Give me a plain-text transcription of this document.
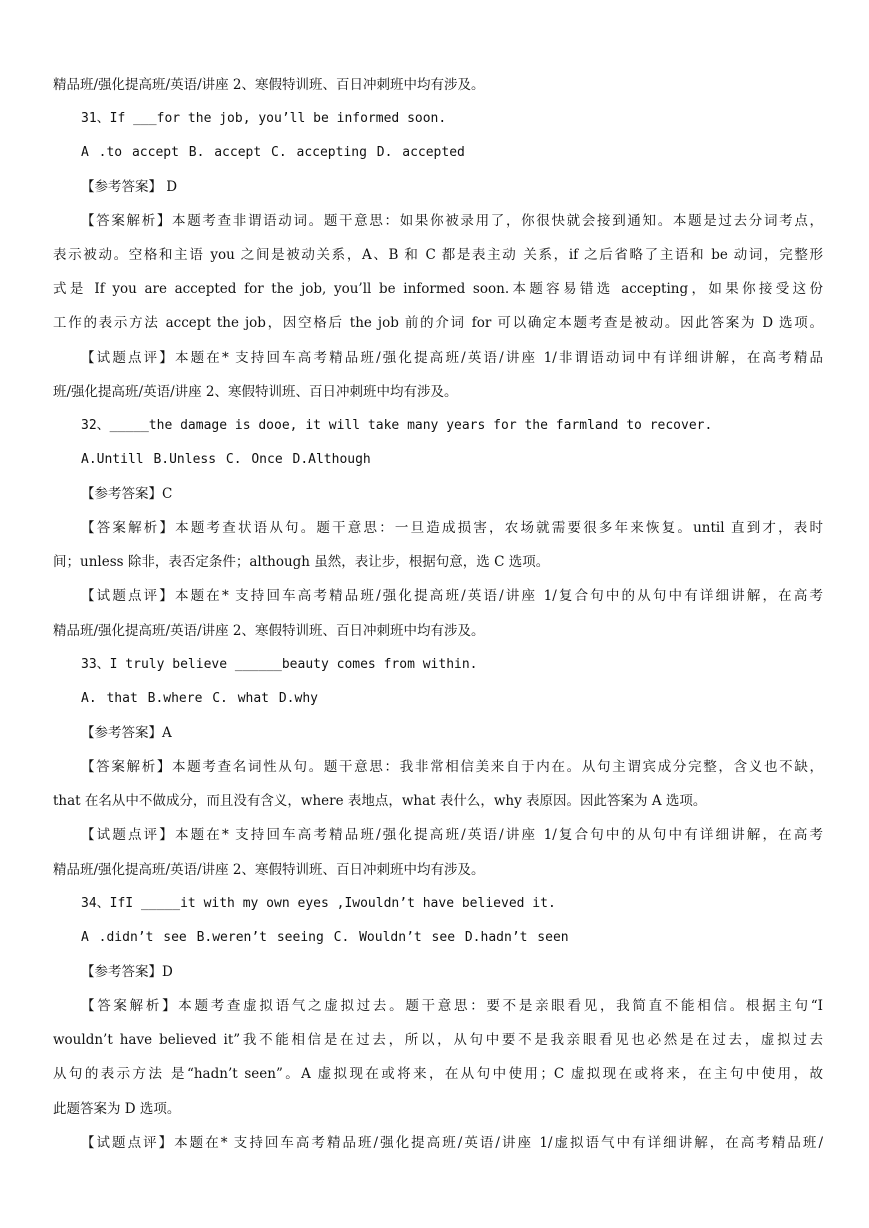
精品班/强化提高班/英语/讲座 2、寒假特训班、百日冲刺班中均有涉及。
31、If ___for the job, you’ll be informed soon.
A .to accept B. accept C. accepting D. accepted
【参考答案】 D
【答案解析】本题考查非谓语动词。题干意思：如果你被录用了，你很快就会接到通知。本题是过去分词考点，
表示被动。空格和主语 you 之间是被动关系，A、B 和 C 都是表主动 关系，if 之后省略了主语和 be 动词，完整形
式是 If you are accepted for the job, you’ll be informed soon.本题容易错选 accepting，如果你接受这份
工作的表示方法 accept the job，因空格后 the job 前的介词 for 可以确定本题考查是被动。因此答案为 D 选项。
【试题点评】本题在* 支持回车高考精品班/强化提高班/英语/讲座 1/非谓语动词中有详细讲解，在高考精品
班/强化提高班/英语/讲座 2、寒假特训班、百日冲刺班中均有涉及。
32、_____the damage is dooe, it will take many years for the farmland to recover.
A.Untill B.Unless C. Once D.Although
【参考答案】C
【答案解析】本题考查状语从句。题干意思：一旦造成损害，农场就需要很多年来恢复。until 直到才，表时
间；unless 除非，表否定条件；although 虽然，表让步，根据句意，选 C 选项。
【试题点评】本题在* 支持回车高考精品班/强化提高班/英语/讲座 1/复合句中的从句中有详细讲解，在高考
精品班/强化提高班/英语/讲座 2、寒假特训班、百日冲刺班中均有涉及。
33、I truly believe ______beauty comes from within.
A. that B.where C. what D.why
【参考答案】A
【答案解析】本题考查名词性从句。题干意思：我非常相信美来自于内在。从句主谓宾成分完整，含义也不缺，
that 在名从中不做成分，而且没有含义，where 表地点，what 表什么，why 表原因。因此答案为 A 选项。
【试题点评】本题在* 支持回车高考精品班/强化提高班/英语/讲座 1/复合句中的从句中有详细讲解，在高考
精品班/强化提高班/英语/讲座 2、寒假特训班、百日冲刺班中均有涉及。
34、IfI _____it with my own eyes ,Iwouldn’t have believed it.
A .didn’t see B.weren’t seeing C. Wouldn’t see D.hadn’t seen
【参考答案】D
【答案解析】本题考查虚拟语气之虚拟过去。题干意思：要不是亲眼看见，我简直不能相信。根据主句“I
wouldn’t have believed it”我不能相信是在过去，所以，从句中要不是我亲眼看见也必然是在过去，虚拟过去
从句的表示方法 是“hadn’t seen”。A 虚拟现在或将来，在从句中使用；C 虚拟现在或将来，在主句中使用，故
此题答案为 D 选项。
【试题点评】本题在* 支持回车高考精品班/强化提高班/英语/讲座 1/虚拟语气中有详细讲解，在高考精品班/
